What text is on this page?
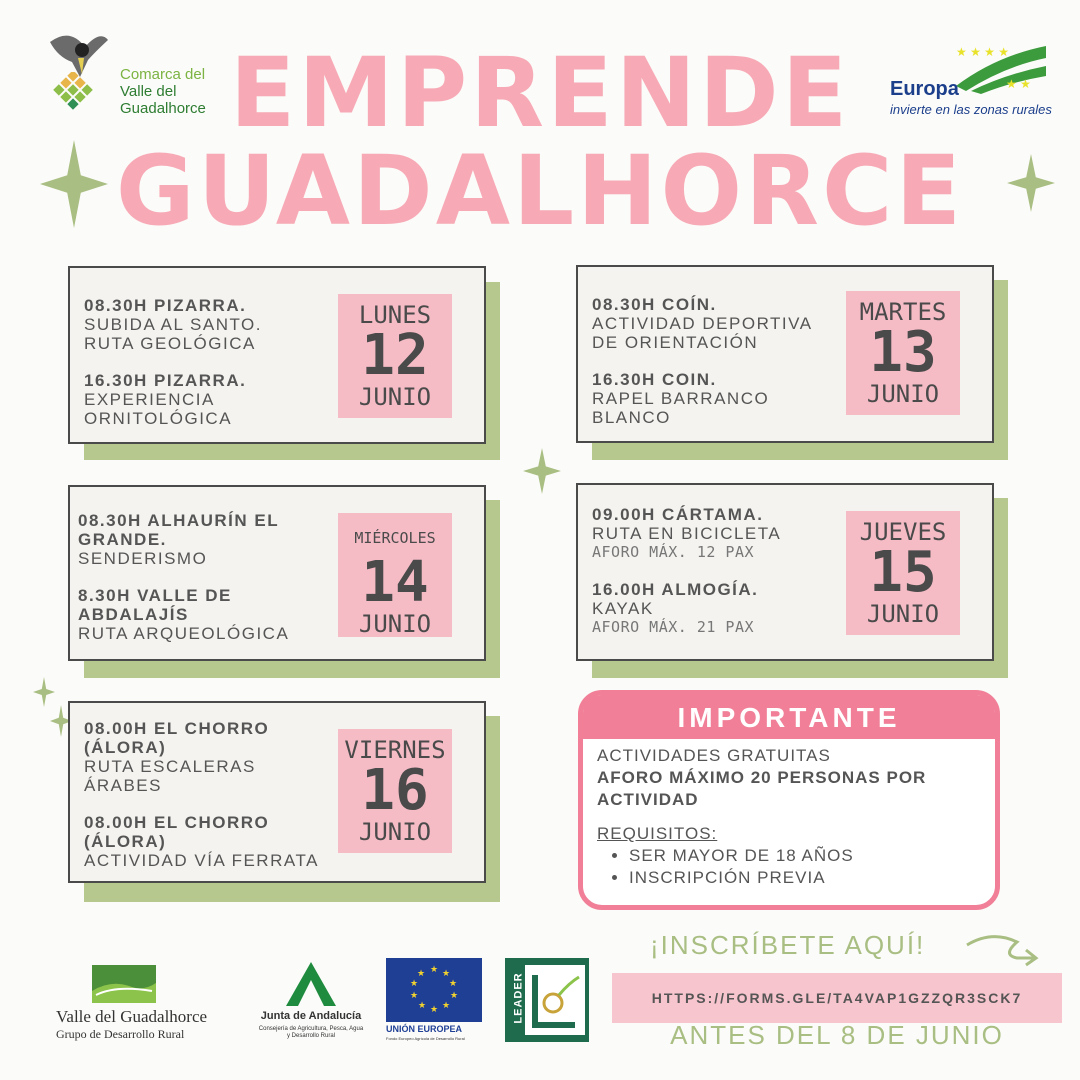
Comarca del
Valle del
Guadalhorce EMPRENDE
GUADALHORCE
★ ★ ★ ★
★ ★
Europa
invierte en las zonas rurales
08.30H PIZARRA.
SUBIDA AL SANTO.
RUTA GEOLÓGICA
16.30H PIZARRA.
EXPERIENCIA
ORNITOLÓGICA
LUNES
12
JUNIO
08.30H COÍN.
ACTIVIDAD DEPORTIVA
DE ORIENTACIÓN
16.30H COIN.
RAPEL BARRANCO
BLANCO
MARTES
13
JUNIO
08.30H ALHAURÍN EL GRANDE.
SENDERISMO
8.30H VALLE DE ABDALAJÍS
RUTA ARQUEOLÓGICA
MIÉRCOLES
14
JUNIO
09.00H CÁRTAMA.
RUTA EN BICICLETA
AFORO MÁX. 12 PAX
16.00H ALMOGÍA.
KAYAK
AFORO MÁX. 21 PAX
JUEVES
15
JUNIO
08.00H EL CHORRO (ÁLORA)
RUTA ESCALERAS
ÁRABES
08.00H EL CHORRO (ÁLORA)
ACTIVIDAD VÍA FERRATA
VIERNES
16
JUNIO
IMPORTANTE
ACTIVIDADES GRATUITAS
AFORO MÁXIMO 20 PERSONAS POR ACTIVIDAD
REQUISITOS:
• SER MAYOR DE 18 AÑOS
• INSCRIPCIÓN PREVIA
¡INSCRÍBETE AQUÍ!
HTTPS://FORMS.GLE/TA4VAP1GZZQR3SCK7
ANTES DEL 8 DE JUNIO
Valle del Guadalhorce
Grupo de Desarrollo Rural
Junta de Andalucía
Consejería de Agricultura, Pesca, Agua y Desarrollo Rural
★ ★
★
★
★
★
★
★
★
★
UNIÓN EUROPEA
Fondo Europeo Agrícola de Desarrollo Rural
LEADER
